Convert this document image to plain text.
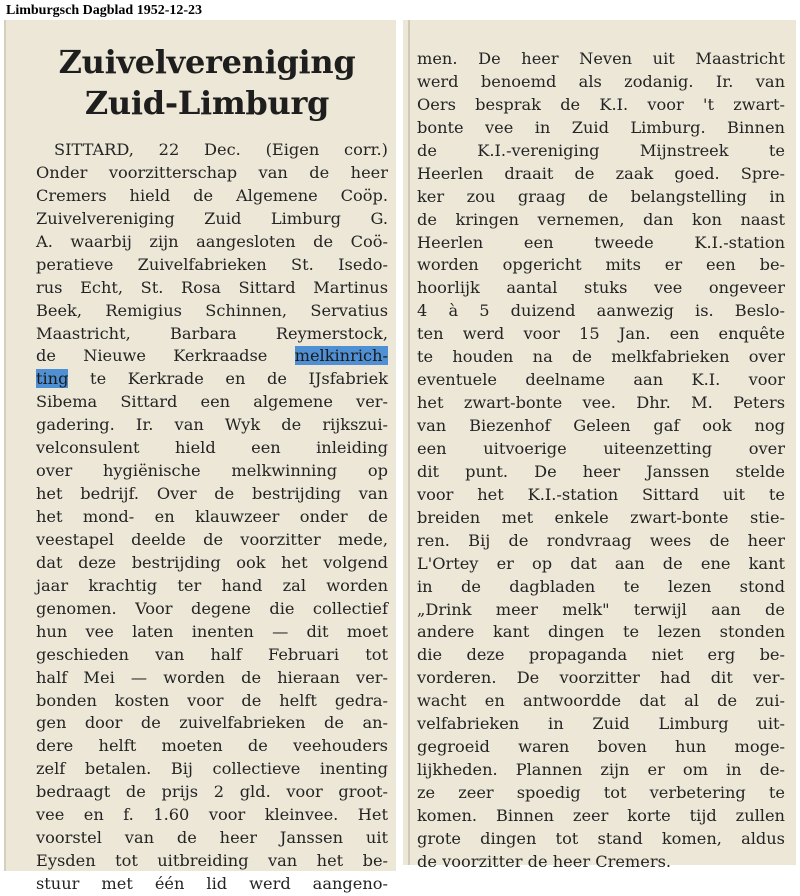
Limburgsch Dagblad 1952-12-23
Zuivelvereniging
Zuid-Limburg
SITTARD, 22 Dec. (Eigen corr.)
Onder voorzitterschap van de heer
Cremers hield de Algemene Coöp.
Zuivelvereniging Zuid Limburg G.
A. waarbij zijn aangesloten de Coö-
peratieve Zuivelfabrieken St. Isedo-
rus Echt, St. Rosa Sittard Martinus
Beek, Remigius Schinnen, Servatius
Maastricht, Barbara Reymerstock,
de Nieuwe Kerkraadse melkinrich-
ting te Kerkrade en de IJsfabriek
Sibema Sittard een algemene ver-
gadering. Ir. van Wyk de rijkszui-
velconsulent hield een inleiding
over hygiënische melkwinning op
het bedrijf. Over de bestrijding van
het mond- en klauwzeer onder de
veestapel deelde de voorzitter mede,
dat deze bestrijding ook het volgend
jaar krachtig ter hand zal worden
genomen. Voor degene die collectief
hun vee laten inenten — dit moet
geschieden van half Februari tot
half Mei — worden de hieraan ver-
bonden kosten voor de helft gedra-
gen door de zuivelfabrieken de an-
dere helft moeten de veehouders
zelf betalen. Bij collectieve inenting
bedraagt de prijs 2 gld. voor groot-
vee en f. 1.60 voor kleinvee. Het
voorstel van de heer Janssen uit
Eysden tot uitbreiding van het be-
stuur met één lid werd aangeno-
men. De heer Neven uit Maastricht
werd benoemd als zodanig. Ir. van
Oers besprak de K.I. voor 't zwart-
bonte vee in Zuid Limburg. Binnen
de K.I.-vereniging Mijnstreek te
Heerlen draait de zaak goed. Spre-
ker zou graag de belangstelling in
de kringen vernemen, dan kon naast
Heerlen een tweede K.I.-station
worden opgericht mits er een be-
hoorlijk aantal stuks vee ongeveer
4 à 5 duizend aanwezig is. Beslo-
ten werd voor 15 Jan. een enquête
te houden na de melkfabrieken over
eventuele deelname aan K.I. voor
het zwart-bonte vee. Dhr. M. Peters
van Biezenhof Geleen gaf ook nog
een uitvoerige uiteenzetting over
dit punt. De heer Janssen stelde
voor het K.I.-station Sittard uit te
breiden met enkele zwart-bonte stie-
ren. Bij de rondvraag wees de heer
L'Ortey er op dat aan de ene kant
in de dagbladen te lezen stond
„Drink meer melk" terwijl aan de
andere kant dingen te lezen stonden
die deze propaganda niet erg be-
vorderen. De voorzitter had dit ver-
wacht en antwoordde dat al de zui-
velfabrieken in Zuid Limburg uit-
gegroeid waren boven hun moge-
lijkheden. Plannen zijn er om in de-
ze zeer spoedig tot verbetering te
komen. Binnen zeer korte tijd zullen
grote dingen tot stand komen, aldus
de voorzitter de heer Cremers.
